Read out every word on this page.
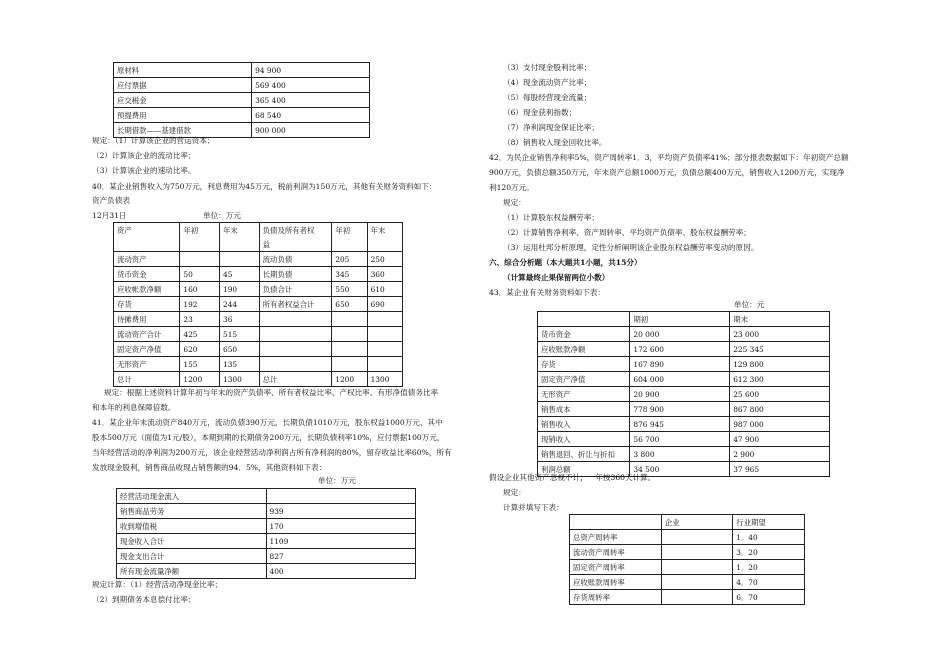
原材料	94 900
应付票据	569 400
应交税金	365 400
预提费用	68 540
长期借款——基建借款	900 000
规定：（1）计算该企业的营运资本；
（2）计算该企业的流动比率；
（3）计算该企业的速动比率。
40．某企业销售收入为750万元，利息费用为45万元，税前利润为150万元，其他有关财务资料如下：
资产负债表
12月31日	单位：万元
资产	年初	年末	负债及所有者权	年初	年末
			益		
流动资产			流动负债	205	250
货币资金	50	45	长期负债	345	360
应收帐款净额	160	190	负债合计	550	610
存货	192	244	所有者权益合计	650	690
待摊费用	23	36			
流动资产合计	425	515			
固定资产净值	620	650			
无形资产	155	135			
总计	1200	1300	总计	1200	1300
规定：根据上述资料计算年初与年末的资产负债率、所有者权益比率、产权比率、有形净值债务比率
和本年的利息保障倍数。
41．某企业年末流动资产840万元，流动负债390万元，长期负债1010万元，股东权益1000万元，其中
股本500万元（面值为1元/股），本期到期的长期债务200万元，长期负债利率10%，应付票据100万元，
当年经营活动的净利润为200万元，该企业经营活动净利润占所有净利润的80%，留存收益比率60%，所有
发放现金股利，销售商品收现占销售额的94．5%，其他资料如下表：
单位：万元
经营活动现金流入	
销售商品劳务	939
收到增值税	170
现金收入合计	1109
现金支出合计	827
所有现金流量净额	400
规定计算：（1）经营活动净现金比率；
（2）到期债务本息偿付比率；
（3）支付现金股利比率；
（4）现金流动资产比率；
（5）每股经营现金流量；
（6）现金获利指数；
（7）净利润现金保证比率；
（8）销售收入现金回收比率。
42．为民企业销售净利率5%，资产周转率1．3，平均资产负债率41%；部分报表数据如下：年初资产总额
900万元，负债总额350万元，年末资产总额1000万元，负债总额400万元，销售收入1200万元，实现净
利120万元。
规定：
（1）计算股东权益酬劳率；
（2）计算销售净利率、资产周转率、平均资产负债率、股东权益酬劳率；
（3）运用杜邦分析原理，定性分析阐明该企业股东权益酬劳率变动的原因。
六、综合分析题（本大题共1小题，共15分）
（计算最终止果保留两位小数）
43．某企业有关财务资料如下表：
单位：元
	期初	期末
货币资金	20 000	23 000
应收账款净额	172 600	225 345
存货	167 890	129 800
固定资产净值	604 000	612 300
无形资产	20 900	25 600
销售成本	778 900	867 800
销售收入	876 945	987 000
现销收入	56 700	47 900
销售退回、折让与折扣	3 800	2 900
利润总额	34 500	37 965
假设企业其他资产忽视不计，一年按360天计算。
规定：
计算并填写下表：
	企业	行业期望
总资产周转率		1．40
流动资产周转率		3．20
固定资产周转率		1．20
应收账款周转率		4．70
存货周转率		6．70
